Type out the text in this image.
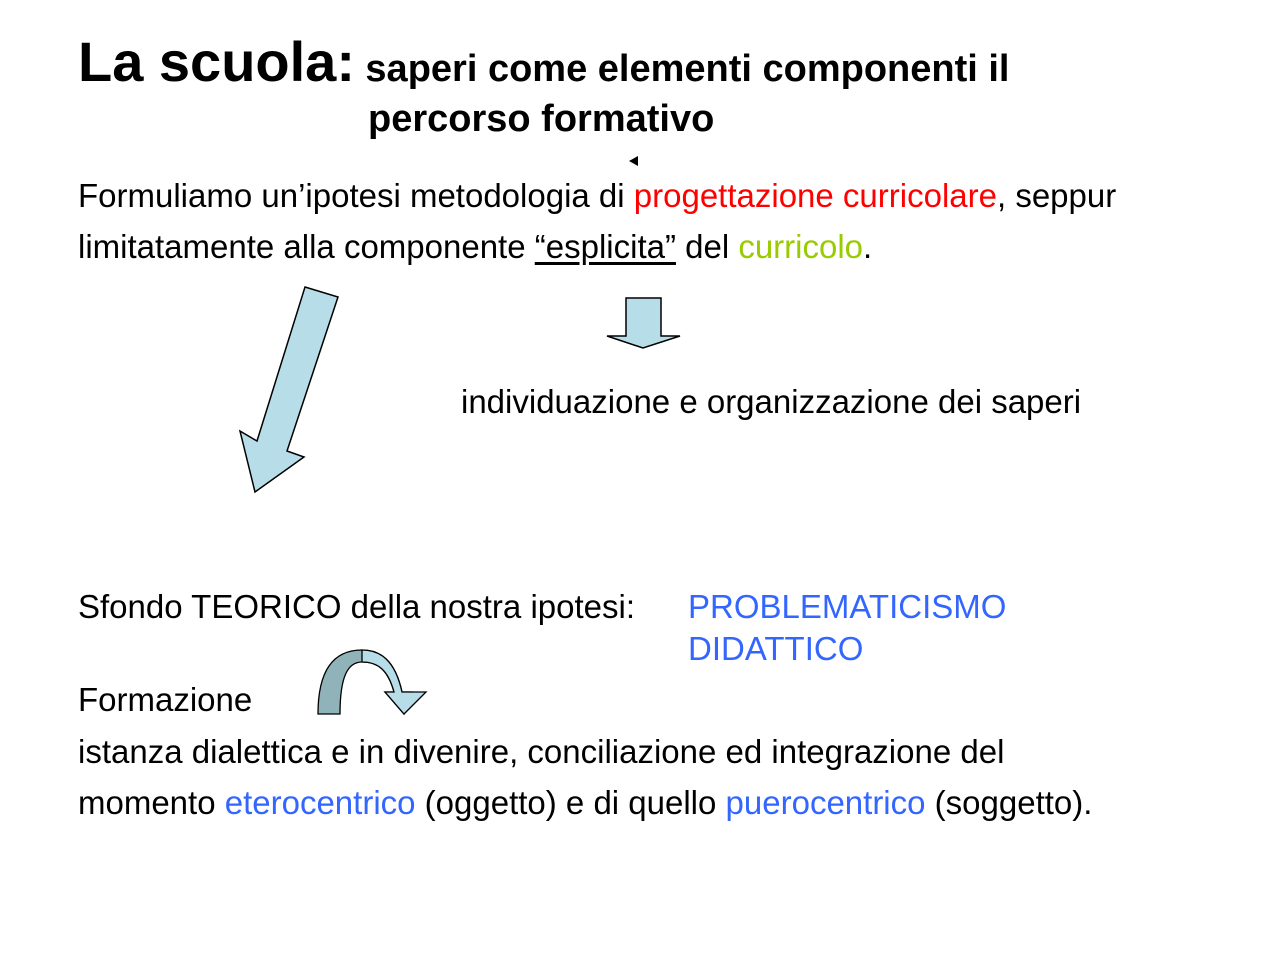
La scuola: saperi come elementi componenti il
percorso formativo
Formuliamo un’ipotesi metodologia di progettazione curricolare, seppur
limitatamente alla componente “esplicita” del curricolo.
individuazione e organizzazione dei saperi
Sfondo TEORICO della nostra ipotesi: PROBLEMATICISMO
DIDATTICO
Formazione
istanza dialettica e in divenire, conciliazione ed integrazione del
momento eterocentrico (oggetto) e di quello puerocentrico (soggetto).
